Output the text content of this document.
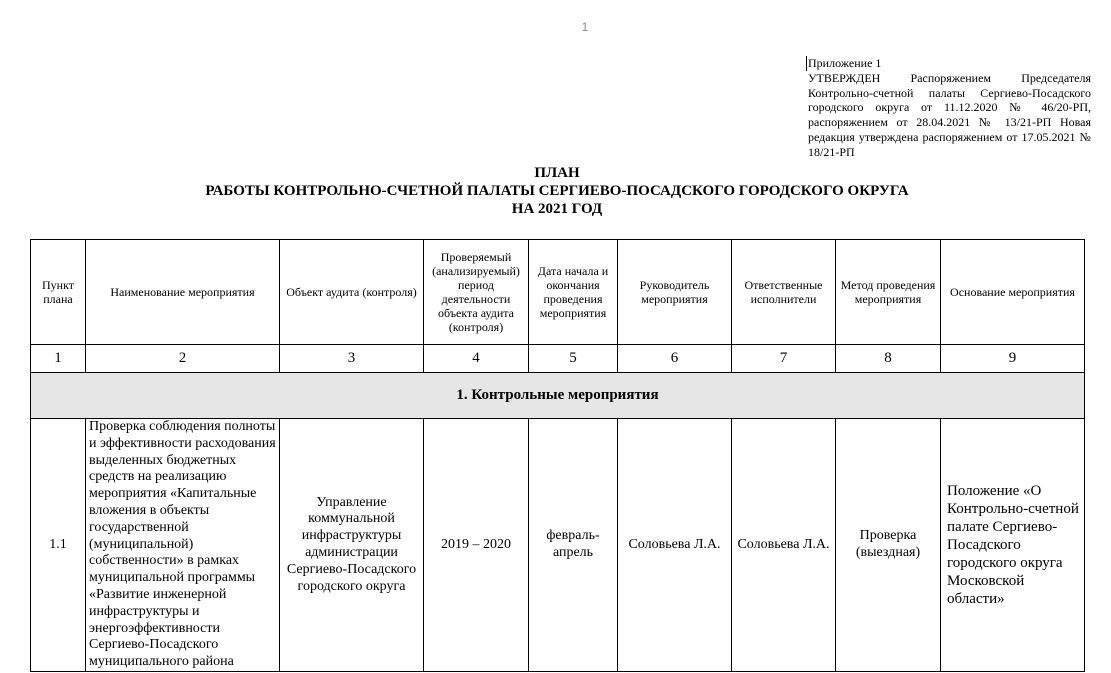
1
Приложение 1
УТВЕРЖДЕН Распоряжением Председателя Контрольно-счетной палаты Сергиево-Посадского городского округа от 11.12.2020 № 46/20-РП, распоряжением от 28.04.2021 № 13/21-РП Новая редакция утверждена распоряжением от 17.05.2021 № 18/21-РП
ПЛАН
РАБОТЫ КОНТРОЛЬНО-СЧЕТНОЙ ПАЛАТЫ СЕРГИЕВО-ПОСАДСКОГО ГОРОДСКОГО ОКРУГА
НА 2021 ГОД
Пункт плана	Наименование мероприятия	Объект аудита (контроля)	Проверяемый (анализируемый) период деятельности объекта аудита (контроля)	Дата начала и окончания проведения мероприятия	Руководитель мероприятия	Ответственные исполнители	Метод проведения мероприятия	Основание мероприятия
1	2	3	4	5	6	7	8	9
1. Контрольные мероприятия								
1.1	Проверка соблюдения полноты и эффективности расходования выделенных бюджетных средств на реализацию мероприятия «Капитальные вложения в объекты государственной (муниципальной) собственности» в рамках муниципальной программы «Развитие инженерной инфраструктуры и энергоэффективности Сергиево-Посадского муниципального района	Управление коммунальной инфраструктуры администрации Сергиево-Посадского городского округа	2019 – 2020	февраль-апрель	Соловьева Л.А.	Соловьева Л.А.	Проверка (выездная)	Положение «О Контрольно-счетной палате Сергиево-Посадского городского округа Московской области»
